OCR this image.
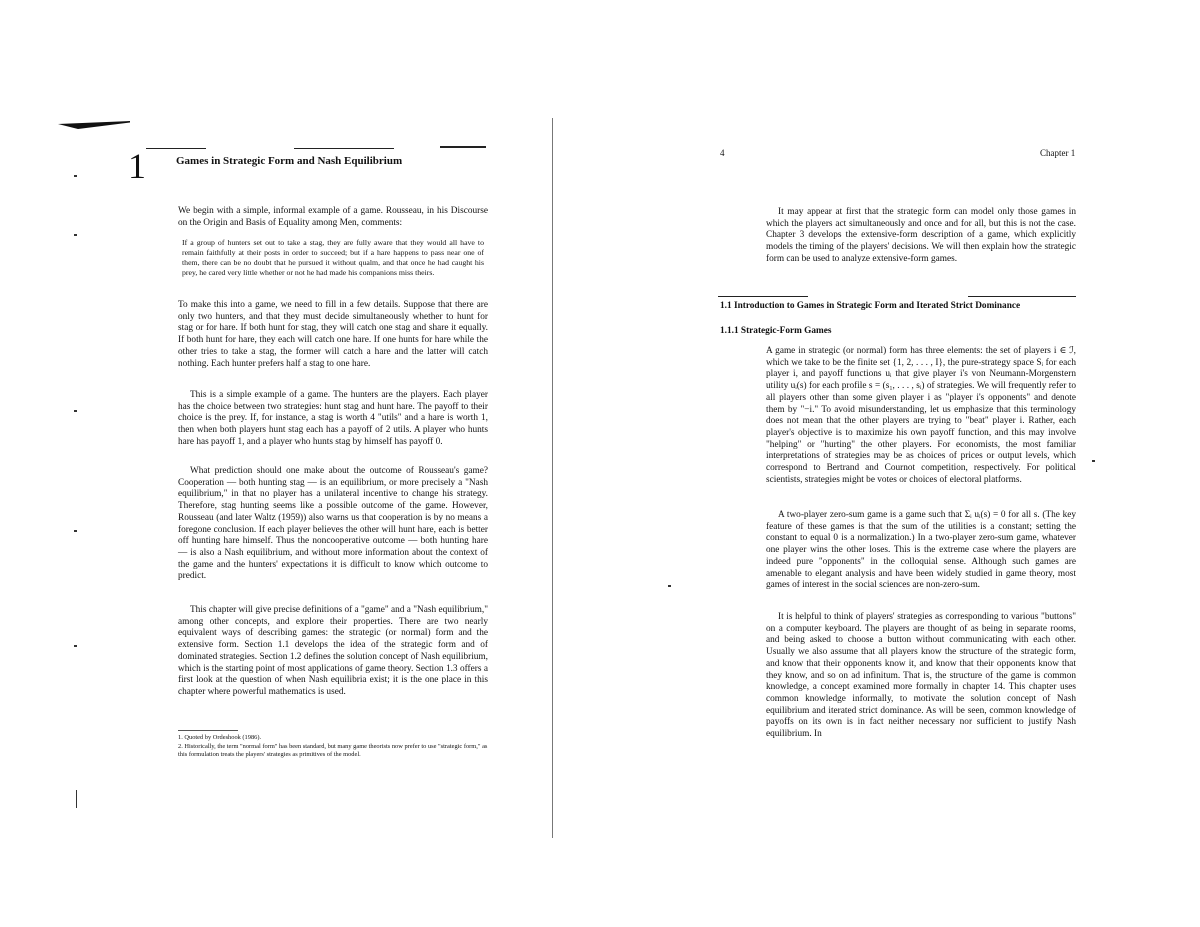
1	Games in Strategic Form and Nash Equilibrium
We begin with a simple, informal example of a game. Rousseau, in his Discourse on the Origin and Basis of Equality among Men, comments:
If a group of hunters set out to take a stag, they are fully aware that they would all have to remain faithfully at their posts in order to succeed; but if a hare happens to pass near one of them, there can be no doubt that he pursued it without qualm, and that once he had caught his prey, he cared very little whether or not he had made his companions miss theirs.
To make this into a game, we need to fill in a few details. Suppose that there are only two hunters, and that they must decide simultaneously whether to hunt for stag or for hare. If both hunt for stag, they will catch one stag and share it equally. If both hunt for hare, they each will catch one hare. If one hunts for hare while the other tries to take a stag, the former will catch a hare and the latter will catch nothing. Each hunter prefers half a stag to one hare.
This is a simple example of a game. The hunters are the players. Each player has the choice between two strategies: hunt stag and hunt hare. The payoff to their choice is the prey. If, for instance, a stag is worth 4 "utils" and a hare is worth 1, then when both players hunt stag each has a payoff of 2 utils. A player who hunts hare has payoff 1, and a player who hunts stag by himself has payoff 0.
What prediction should one make about the outcome of Rousseau's game? Cooperation — both hunting stag — is an equilibrium, or more precisely a "Nash equilibrium," in that no player has a unilateral incentive to change his strategy. Therefore, stag hunting seems like a possible outcome of the game. However, Rousseau (and later Waltz (1959)) also warns us that cooperation is by no means a foregone conclusion. If each player believes the other will hunt hare, each is better off hunting hare himself. Thus the noncooperative outcome — both hunting hare — is also a Nash equilibrium, and without more information about the context of the game and the hunters' expectations it is difficult to know which outcome to predict.
This chapter will give precise definitions of a "game" and a "Nash equilibrium," among other concepts, and explore their properties. There are two nearly equivalent ways of describing games: the strategic (or normal) form and the extensive form. Section 1.1 develops the idea of the strategic form and of dominated strategies. Section 1.2 defines the solution concept of Nash equilibrium, which is the starting point of most applications of game theory. Section 1.3 offers a first look at the question of when Nash equilibria exist; it is the one place in this chapter where powerful mathematics is used.
1. Quoted by Ordeshook (1986).
2. Historically, the term "normal form" has been standard, but many game theorists now prefer to use "strategic form," as this formulation treats the players' strategies as primitives of the model.
4	Chapter 1
It may appear at first that the strategic form can model only those games in which the players act simultaneously and once and for all, but this is not the case. Chapter 3 develops the extensive-form description of a game, which explicitly models the timing of the players' decisions. We will then explain how the strategic form can be used to analyze extensive-form games.
1.1 Introduction to Games in Strategic Form and Iterated Strict Dominance
1.1.1 Strategic-Form Games
A game in strategic (or normal) form has three elements: the set of players i ∈ ℐ, which we take to be the finite set {1, 2, . . . , I}, the pure-strategy space Sᵢ for each player i, and payoff functions uᵢ that give player i's von Neumann-Morgenstern utility uᵢ(s) for each profile s = (s₁, . . . , sᵢ) of strategies. We will frequently refer to all players other than some given player i as "player i's opponents" and denote them by "−i." To avoid misunderstanding, let us emphasize that this terminology does not mean that the other players are trying to "beat" player i. Rather, each player's objective is to maximize his own payoff function, and this may involve "helping" or "hurting" the other players. For economists, the most familiar interpretations of strategies may be as choices of prices or output levels, which correspond to Bertrand and Cournot competition, respectively. For political scientists, strategies might be votes or choices of electoral platforms.
A two-player zero-sum game is a game such that Σᵢ uᵢ(s) = 0 for all s. (The key feature of these games is that the sum of the utilities is a constant; setting the constant to equal 0 is a normalization.) In a two-player zero-sum game, whatever one player wins the other loses. This is the extreme case where the players are indeed pure "opponents" in the colloquial sense. Although such games are amenable to elegant analysis and have been widely studied in game theory, most games of interest in the social sciences are non-zero-sum.
It is helpful to think of players' strategies as corresponding to various "buttons" on a computer keyboard. The players are thought of as being in separate rooms, and being asked to choose a button without communicating with each other. Usually we also assume that all players know the structure of the strategic form, and know that their opponents know it, and know that their opponents know that they know, and so on ad infinitum. That is, the structure of the game is common knowledge, a concept examined more formally in chapter 14. This chapter uses common knowledge informally, to motivate the solution concept of Nash equilibrium and iterated strict dominance. As will be seen, common knowledge of payoffs on its own is in fact neither necessary nor sufficient to justify Nash equilibrium. In
